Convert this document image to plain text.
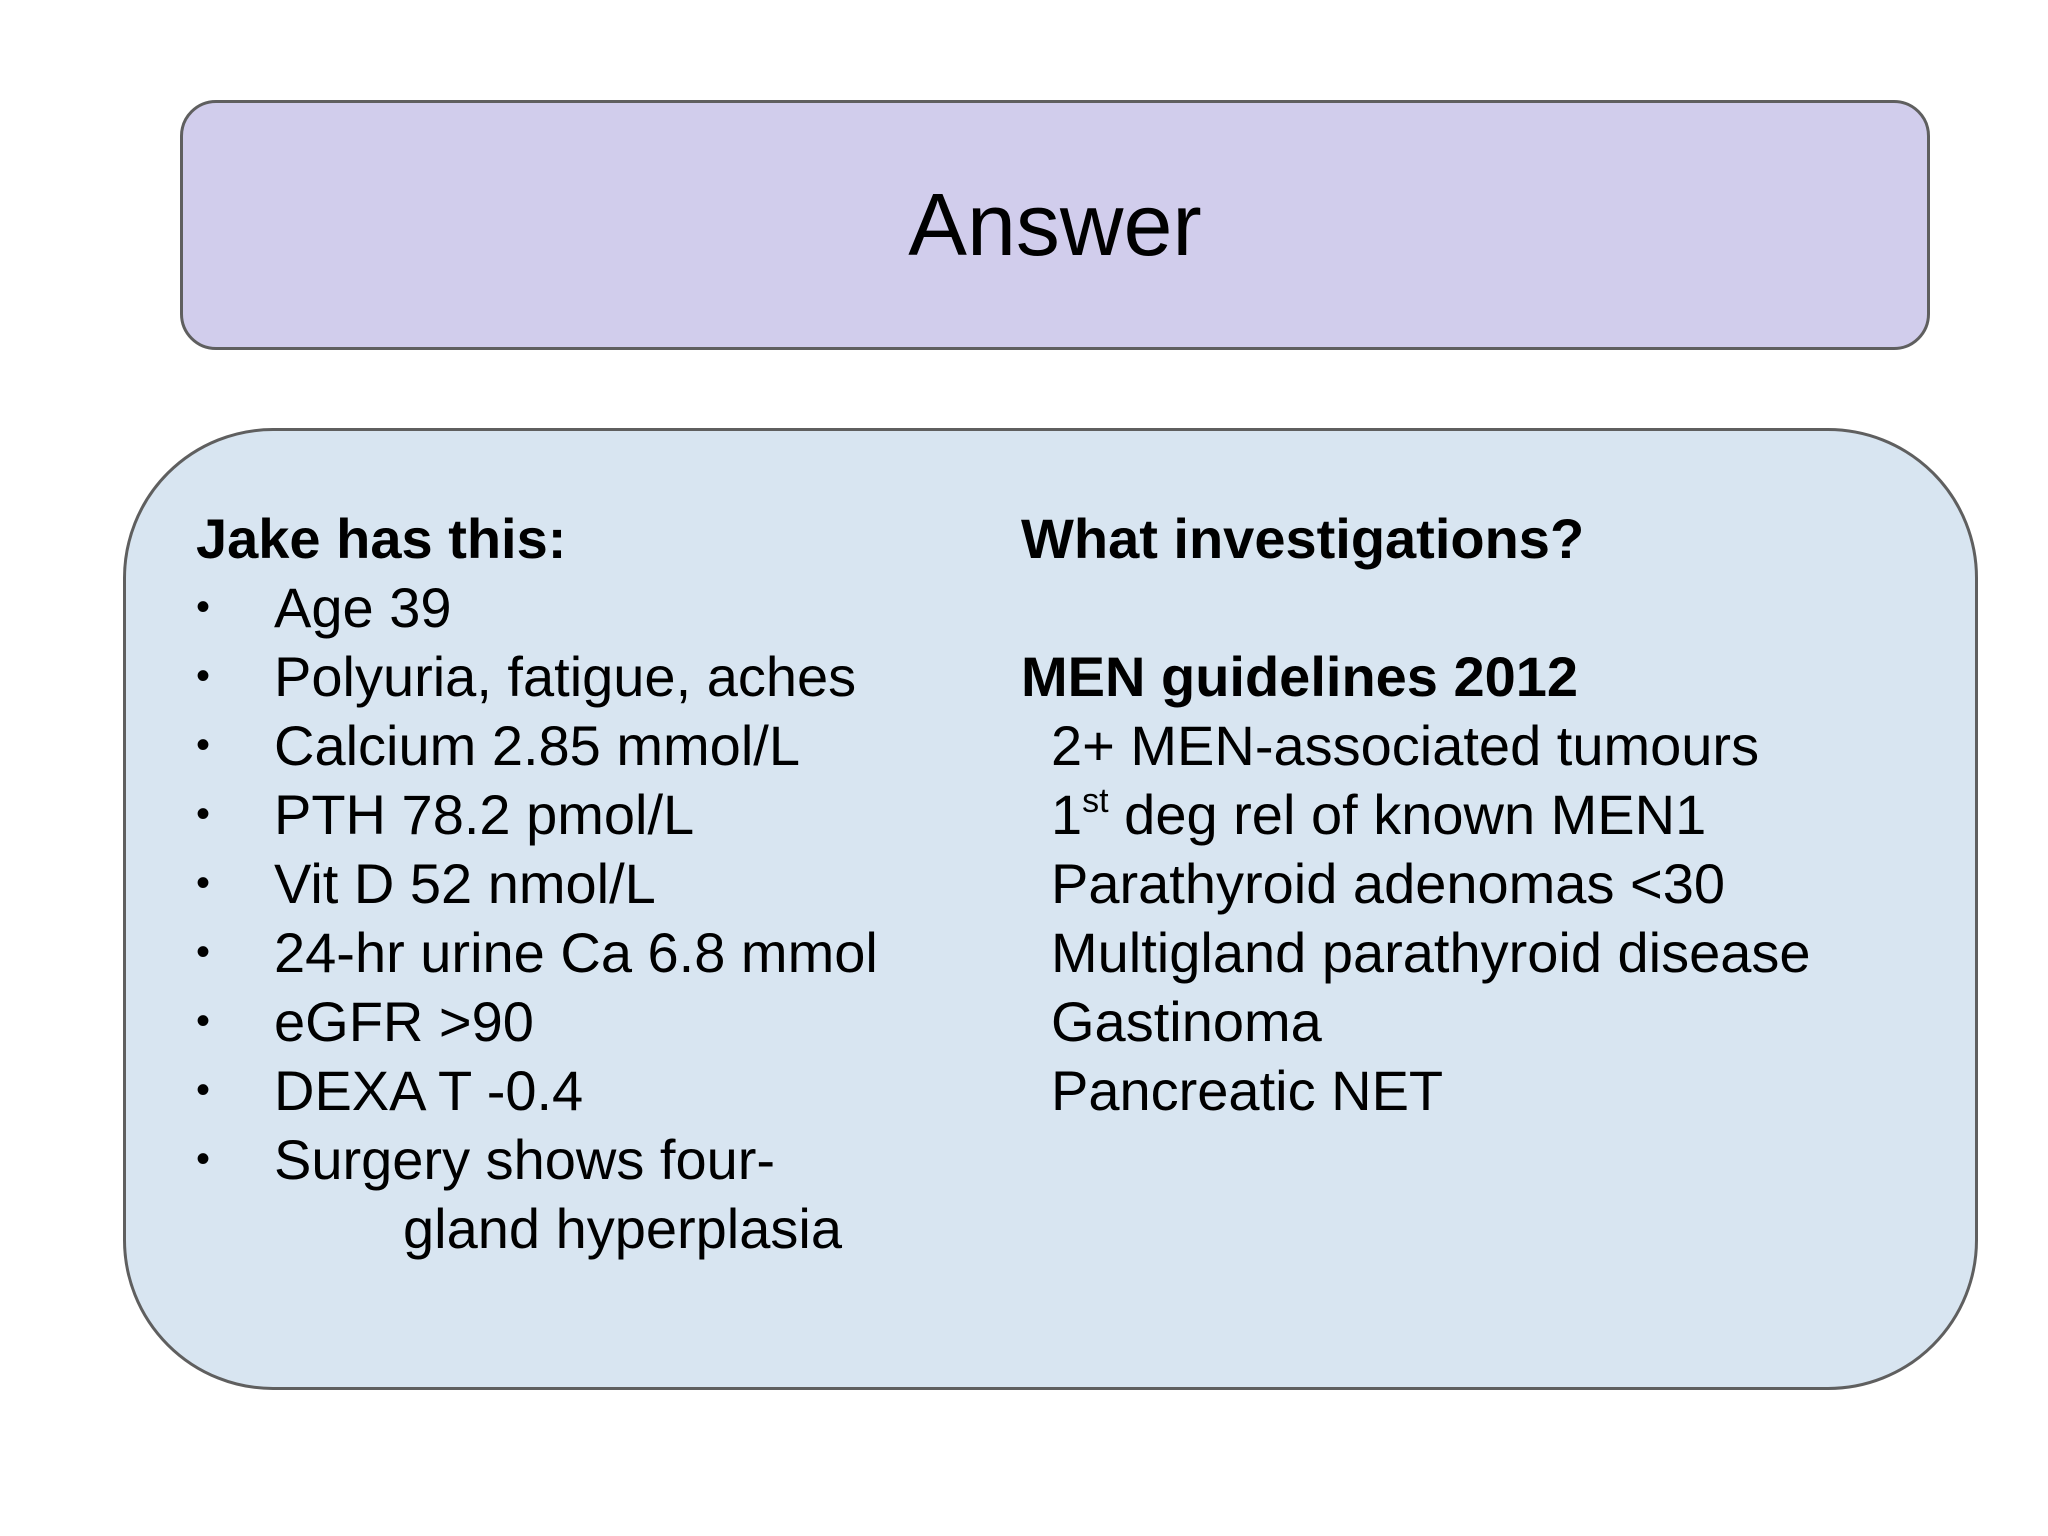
Answer
Jake has this:
• Age 39
• Polyuria, fatigue, aches
• Calcium 2.85 mmol/L
• PTH 78.2 pmol/L
• Vit D 52 nmol/L
• 24-hr urine Ca 6.8 mmol
• eGFR >90
• DEXA T -0.4
• Surgery shows four-
gland hyperplasia
What investigations?
MEN guidelines 2012
2+ MEN-associated tumours
1st deg rel of known MEN1
Parathyroid adenomas <30
Multigland parathyroid disease
Gastinoma
Pancreatic NET
